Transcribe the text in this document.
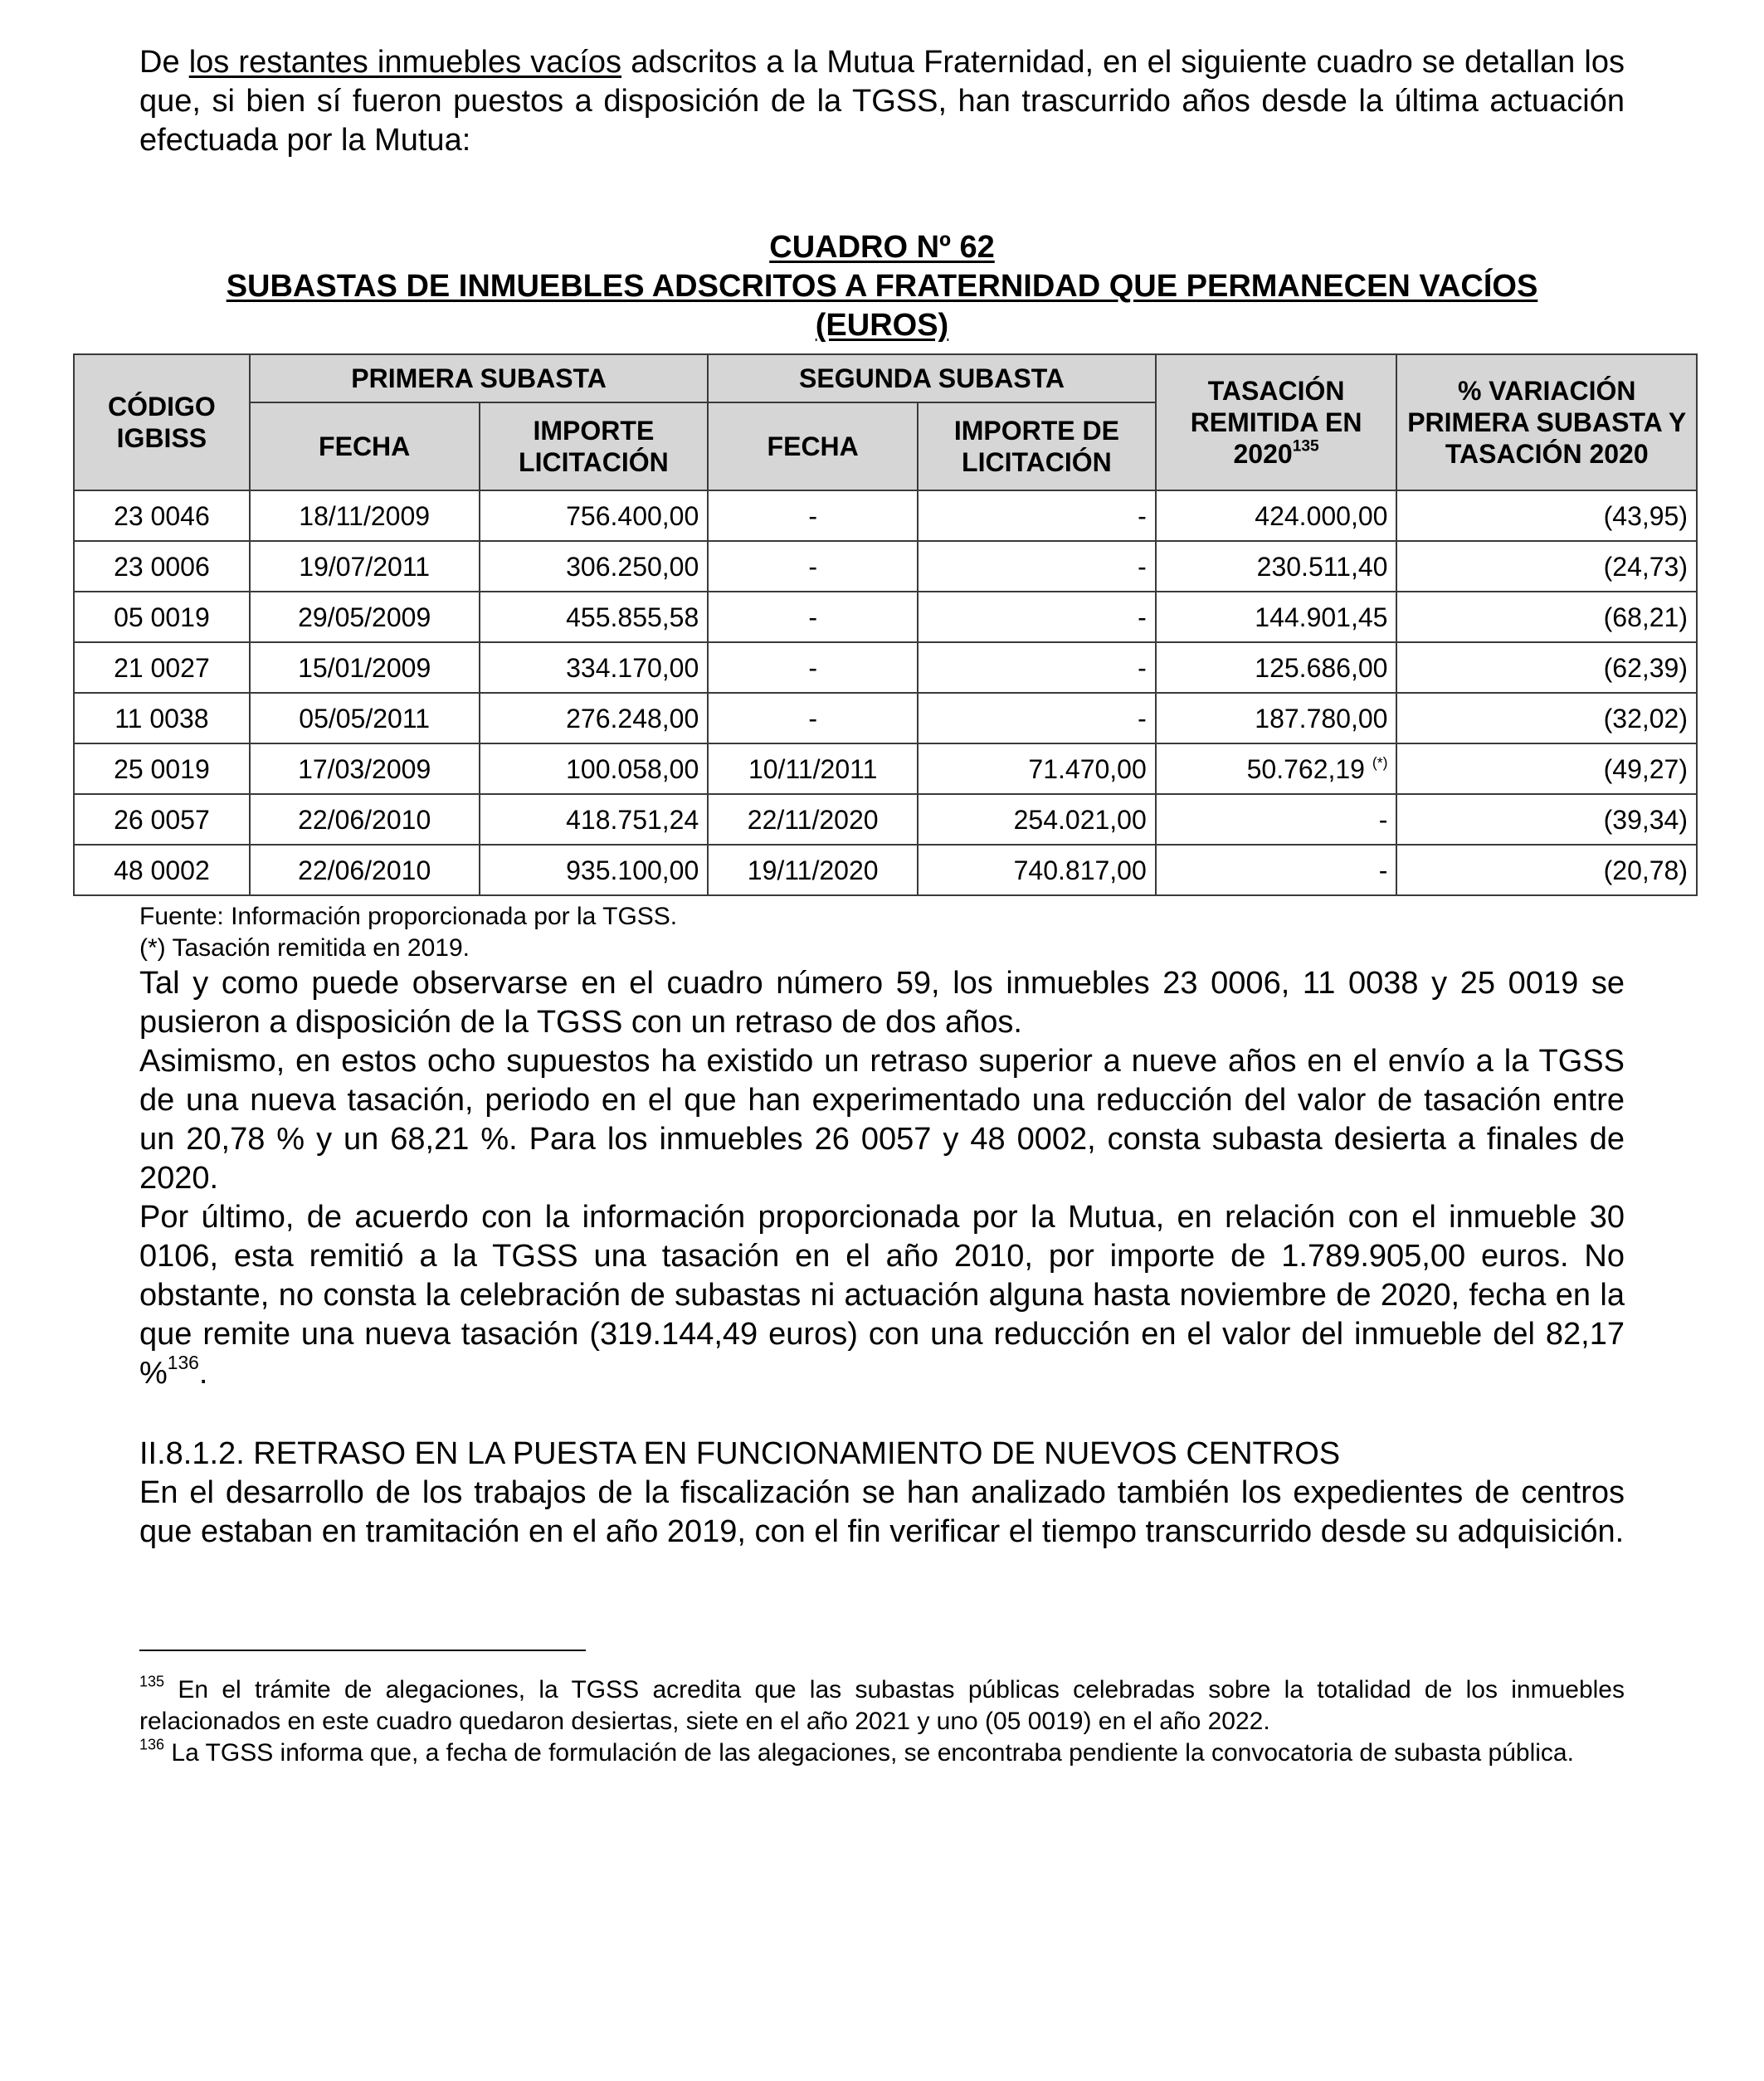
De los restantes inmuebles vacíos adscritos a la Mutua Fraternidad, en el siguiente cuadro se detallan los que, si bien sí fueron puestos a disposición de la TGSS, han trascurrido años desde la última actuación efectuada por la Mutua:

CUADRO Nº 62
SUBASTAS DE INMUEBLES ADSCRITOS A FRATERNIDAD QUE PERMANECEN VACÍOS
(EUROS)
CÓDIGO IGBISS	PRIMERA SUBASTA		SEGUNDA SUBASTA		TASACIÓN REMITIDA EN 2020$^{135}$	% VARIACIÓN PRIMERA SUBASTA Y TASACIÓN 2020
	FECHA	IMPORTE LICITACIÓN	FECHA	IMPORTE DE LICITACIÓN		
23 0046	18/11/2009	756.400,00	-	-	424.000,00	(43,95)
23 0006	19/07/2011	306.250,00	-	-	230.511,40	(24,73)
05 0019	29/05/2009	455.855,58	-	-	144.901,45	(68,21)
21 0027	15/01/2009	334.170,00	-	-	125.686,00	(62,39)
11 0038	05/05/2011	276.248,00	-	-	187.780,00	(32,02)
25 0019	17/03/2009	100.058,00	10/11/2011	71.470,00	50.762,19 (*)	(49,27)
26 0057	22/06/2010	418.751,24	22/11/2020	254.021,00	-	(39,34)
48 0002	22/06/2010	935.100,00	19/11/2020	740.817,00	-	(20,78)
Fuente: Información proporcionada por la TGSS.
(*) Tasación remitida en 2019.

Tal y como puede observarse en el cuadro número 59, los inmuebles 23 0006, 11 0038 y 25 0019 se pusieron a disposición de la TGSS con un retraso de dos años.

Asimismo, en estos ocho supuestos ha existido un retraso superior a nueve años en el envío a la TGSS de una nueva tasación, periodo en el que han experimentado una reducción del valor de tasación entre un 20,78 % y un 68,21 %. Para los inmuebles 26 0057 y 48 0002, consta subasta desierta a finales de 2020.

Por último, de acuerdo con la información proporcionada por la Mutua, en relación con el inmueble 30 0106, esta remitió a la TGSS una tasación en el año 2010, por importe de 1.789.905,00 euros. No obstante, no consta la celebración de subastas ni actuación alguna hasta noviembre de 2020, fecha en la que remite una nueva tasación (319.144,49 euros) con una reducción en el valor del inmueble del 82,17 %$^{136}$.

II.8.1.2. RETRASO EN LA PUESTA EN FUNCIONAMIENTO DE NUEVOS CENTROS

En el desarrollo de los trabajos de la fiscalización se han analizado también los expedientes de centros que estaban en tramitación en el año 2019, con el fin verificar el tiempo transcurrido desde su adquisición.

$^{135}$ En el trámite de alegaciones, la TGSS acredita que las subastas públicas celebradas sobre la totalidad de los inmuebles relacionados en este cuadro quedaron desiertas, siete en el año 2021 y uno (05 0019) en el año 2022.

$^{136}$ La TGSS informa que, a fecha de formulación de las alegaciones, se encontraba pendiente la convocatoria de subasta pública.
